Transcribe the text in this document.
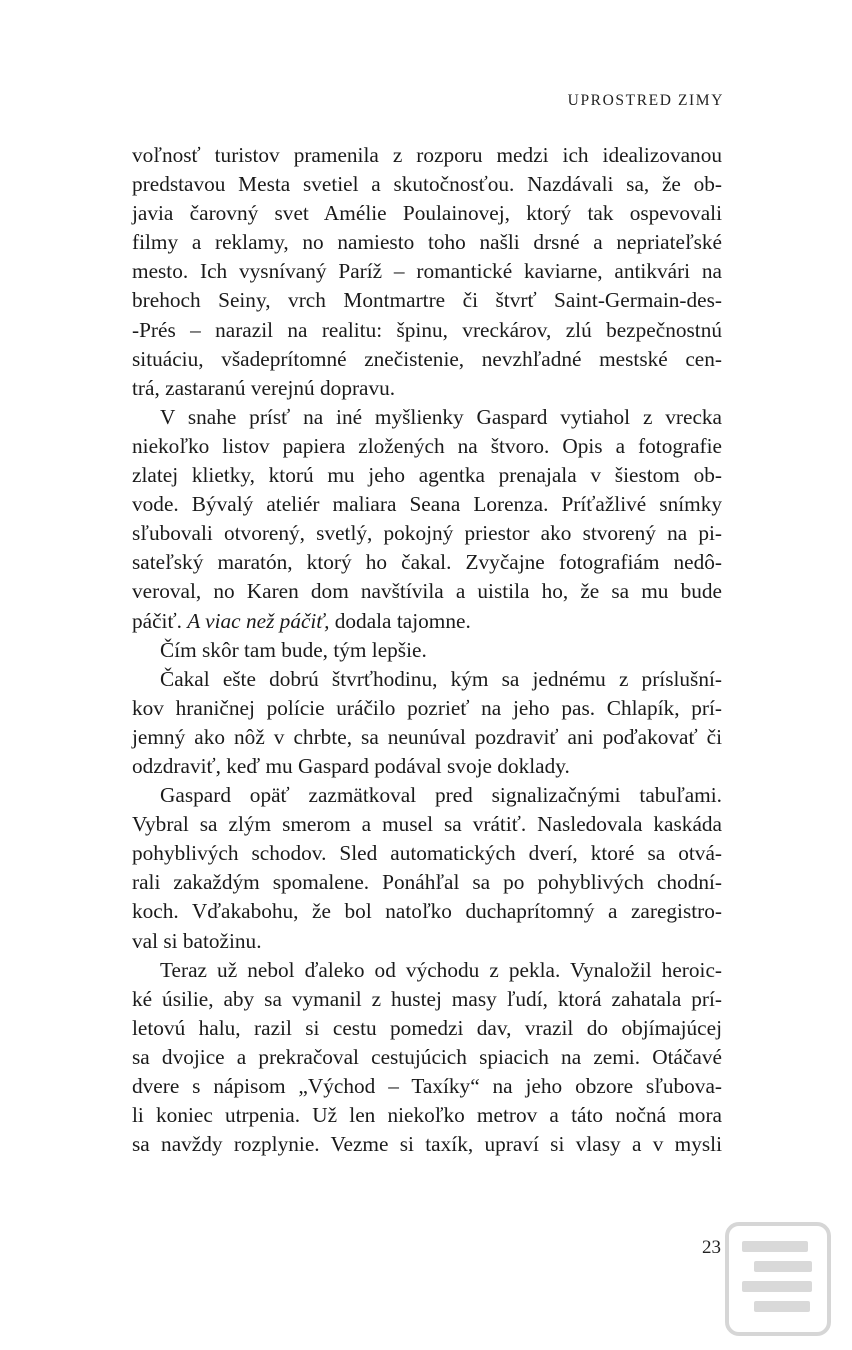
UPROSTRED ZIMY
voľnosť turistov pramenila z rozporu medzi ich idealizovanou
predstavou Mesta svetiel a skutočnosťou. Nazdávali sa, že ob-
javia čarovný svet Amélie Poulainovej, ktorý tak ospevovali
filmy a reklamy, no namiesto toho našli drsné a nepriateľské
mesto. Ich vysnívaný Paríž – romantické kaviarne, antikvári na
brehoch Seiny, vrch Montmartre či štvrť Saint-Germain-des-
-Prés – narazil na realitu: špinu, vreckárov, zlú bezpečnostnú
situáciu, všadeprítomné znečistenie, nevzhľadné mestské cen-
trá, zastaranú verejnú dopravu.
V snahe prísť na iné myšlienky Gaspard vytiahol z vrecka
niekoľko listov papiera zložených na štvoro. Opis a fotografie
zlatej klietky, ktorú mu jeho agentka prenajala v šiestom ob-
vode. Bývalý ateliér maliara Seana Lorenza. Príťažlivé snímky
sľubovali otvorený, svetlý, pokojný priestor ako stvorený na pi-
sateľský maratón, ktorý ho čakal. Zvyčajne fotografiám nedô-
veroval, no Karen dom navštívila a uistila ho, že sa mu bude
páčiť. A viac než páčiť, dodala tajomne.
Čím skôr tam bude, tým lepšie.
Čakal ešte dobrú štvrťhodinu, kým sa jednému z príslušní-
kov hraničnej polície uráčilo pozrieť na jeho pas. Chlapík, prí-
jemný ako nôž v chrbte, sa neunúval pozdraviť ani poďakovať či
odzdraviť, keď mu Gaspard podával svoje doklady.
Gaspard opäť zazmätkoval pred signalizačnými tabuľami.
Vybral sa zlým smerom a musel sa vrátiť. Nasledovala kaskáda
pohyblivých schodov. Sled automatických dverí, ktoré sa otvá-
rali zakaždým spomalene. Ponáhľal sa po pohyblivých chodní-
koch. Vďakabohu, že bol natoľko duchaprítomný a zaregistro-
val si batožinu.
Teraz už nebol ďaleko od východu z pekla. Vynaložil heroic-
ké úsilie, aby sa vymanil z hustej masy ľudí, ktorá zahatala prí-
letovú halu, razil si cestu pomedzi dav, vrazil do objímajúcej
sa dvojice a prekračoval cestujúcich spiacich na zemi. Otáčavé
dvere s nápisom „Východ – Taxíky“ na jeho obzore sľubova-
li koniec utrpenia. Už len niekoľko metrov a táto nočná mora
sa navždy rozplynie. Vezme si taxík, upraví si vlasy a v mysli
23
